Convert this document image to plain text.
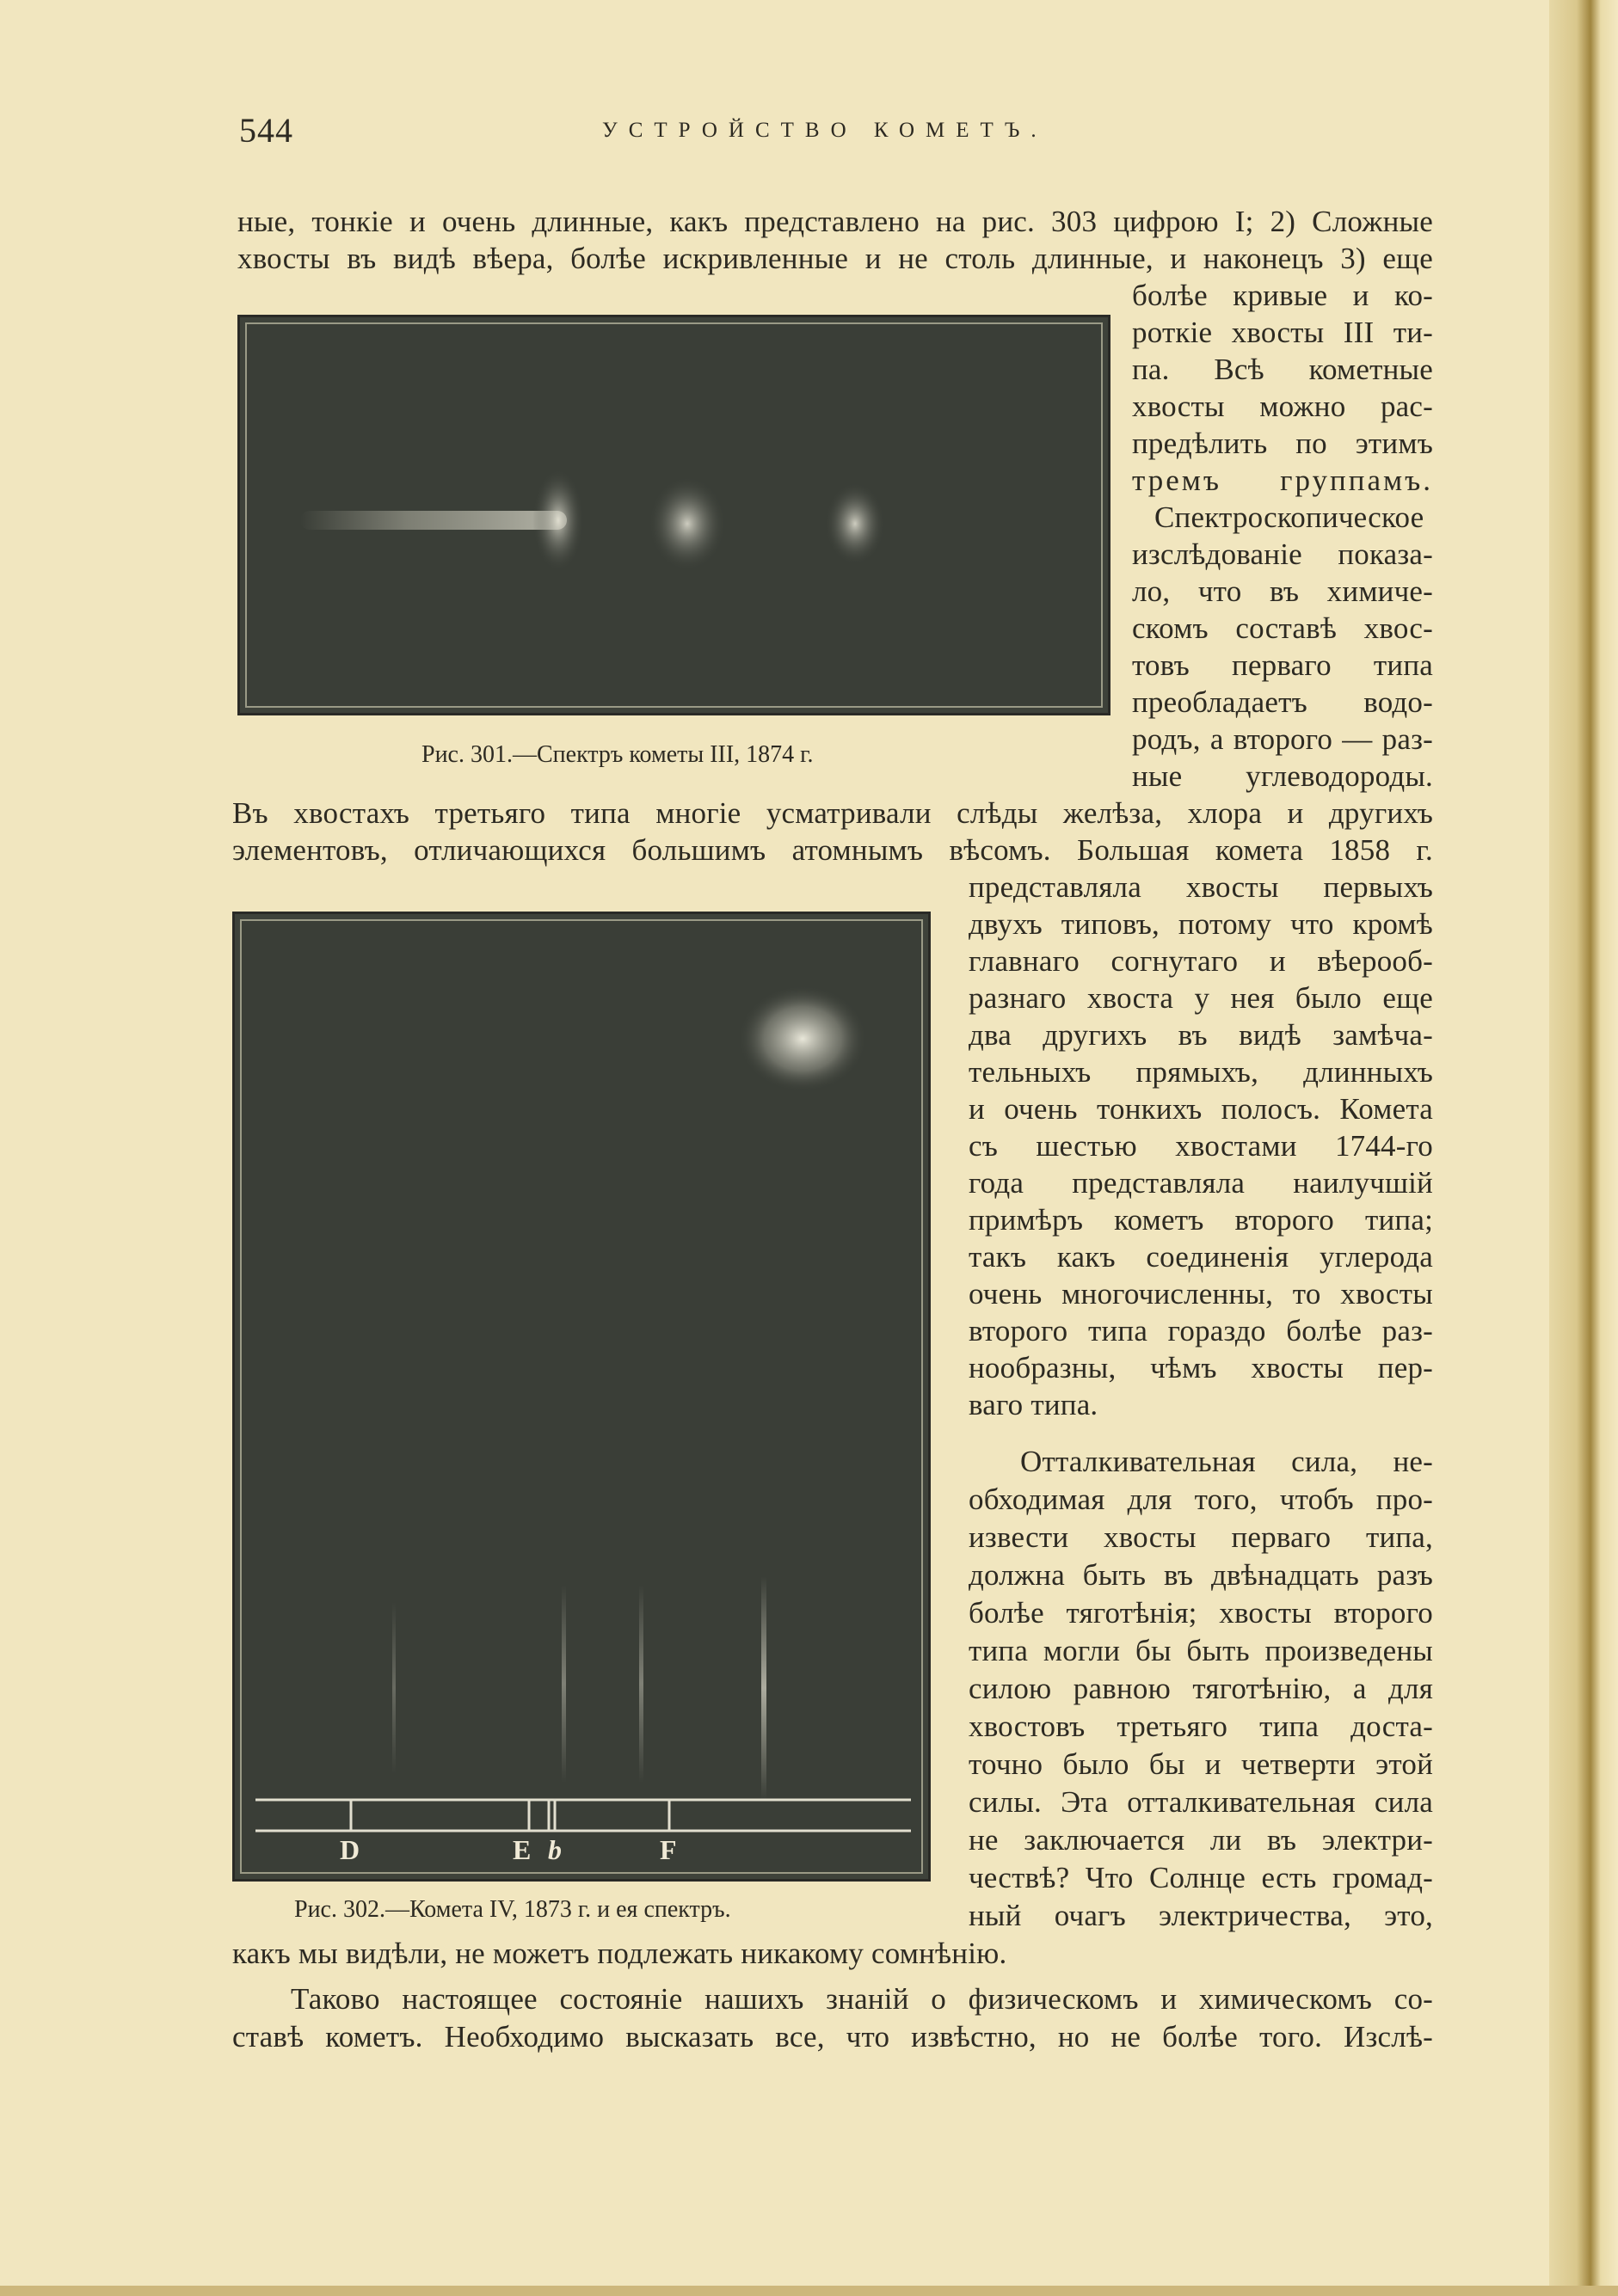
544	УСТРОЙСТВО КОМЕТЪ.
Рис. 301.—Спектръ кометы III, 1874 г.
D	E b	F
Рис. 302.—Комета IV, 1873 г. и ея спектръ.
ные, тонкіе и очень длинные, какъ представлено на рис. 303 цифрою I; 2) Сложные
хвосты въ видѣ вѣера, болѣе искривленные и не столь длинные, и наконецъ 3) еще
болѣе кривые и ко-
роткіе хвосты III ти-
па. Всѣ кометные
хвосты можно рас-
предѣлить по этимъ
тремъ группамъ.
Спектроскопическое
изслѣдованіе показа-
ло, что въ химиче-
скомъ составѣ хвос-
товъ перваго типа
преобладаетъ водо-
родъ, а второго — раз-
ные углеводороды.
Въ хвостахъ третьяго типа многіе усматривали слѣды желѣза, хлора и другихъ
элементовъ, отличающихся большимъ атомнымъ вѣсомъ. Большая комета 1858 г.
представляла хвосты первыхъ
двухъ типовъ, потому что кромѣ
главнаго согнутаго и вѣерооб-
разнаго хвоста у нея было еще
два другихъ въ видѣ замѣча-
тельныхъ прямыхъ, длинныхъ
и очень тонкихъ полосъ. Комета
съ шестью хвостами 1744-го
года представляла наилучшій
примѣръ кометъ второго типа;
такъ какъ соединенія углерода
очень многочисленны, то хвосты
второго типа гораздо болѣе раз-
нообразны, чѣмъ хвосты пер-
ваго типа.
Отталкивательная сила, не-
обходимая для того, чтобъ про-
извести хвосты перваго типа,
должна быть въ двѣнадцать разъ
болѣе тяготѣнія; хвосты второго
типа могли бы быть произведены
силою равною тяготѣнію, а для
хвостовъ третьяго типа доста-
точно было бы и четверти этой
силы. Эта отталкивательная сила
не заключается ли въ электри-
чествѣ? Что Солнце есть громад-
ный очагъ электричества, это,
какъ мы видѣли, не можетъ подлежать никакому сомнѣнію.
Таково настоящее состояніе нашихъ знаній о физическомъ и химическомъ со-
ставѣ кометъ. Необходимо высказать все, что извѣстно, но не болѣе того. Изслѣ-
